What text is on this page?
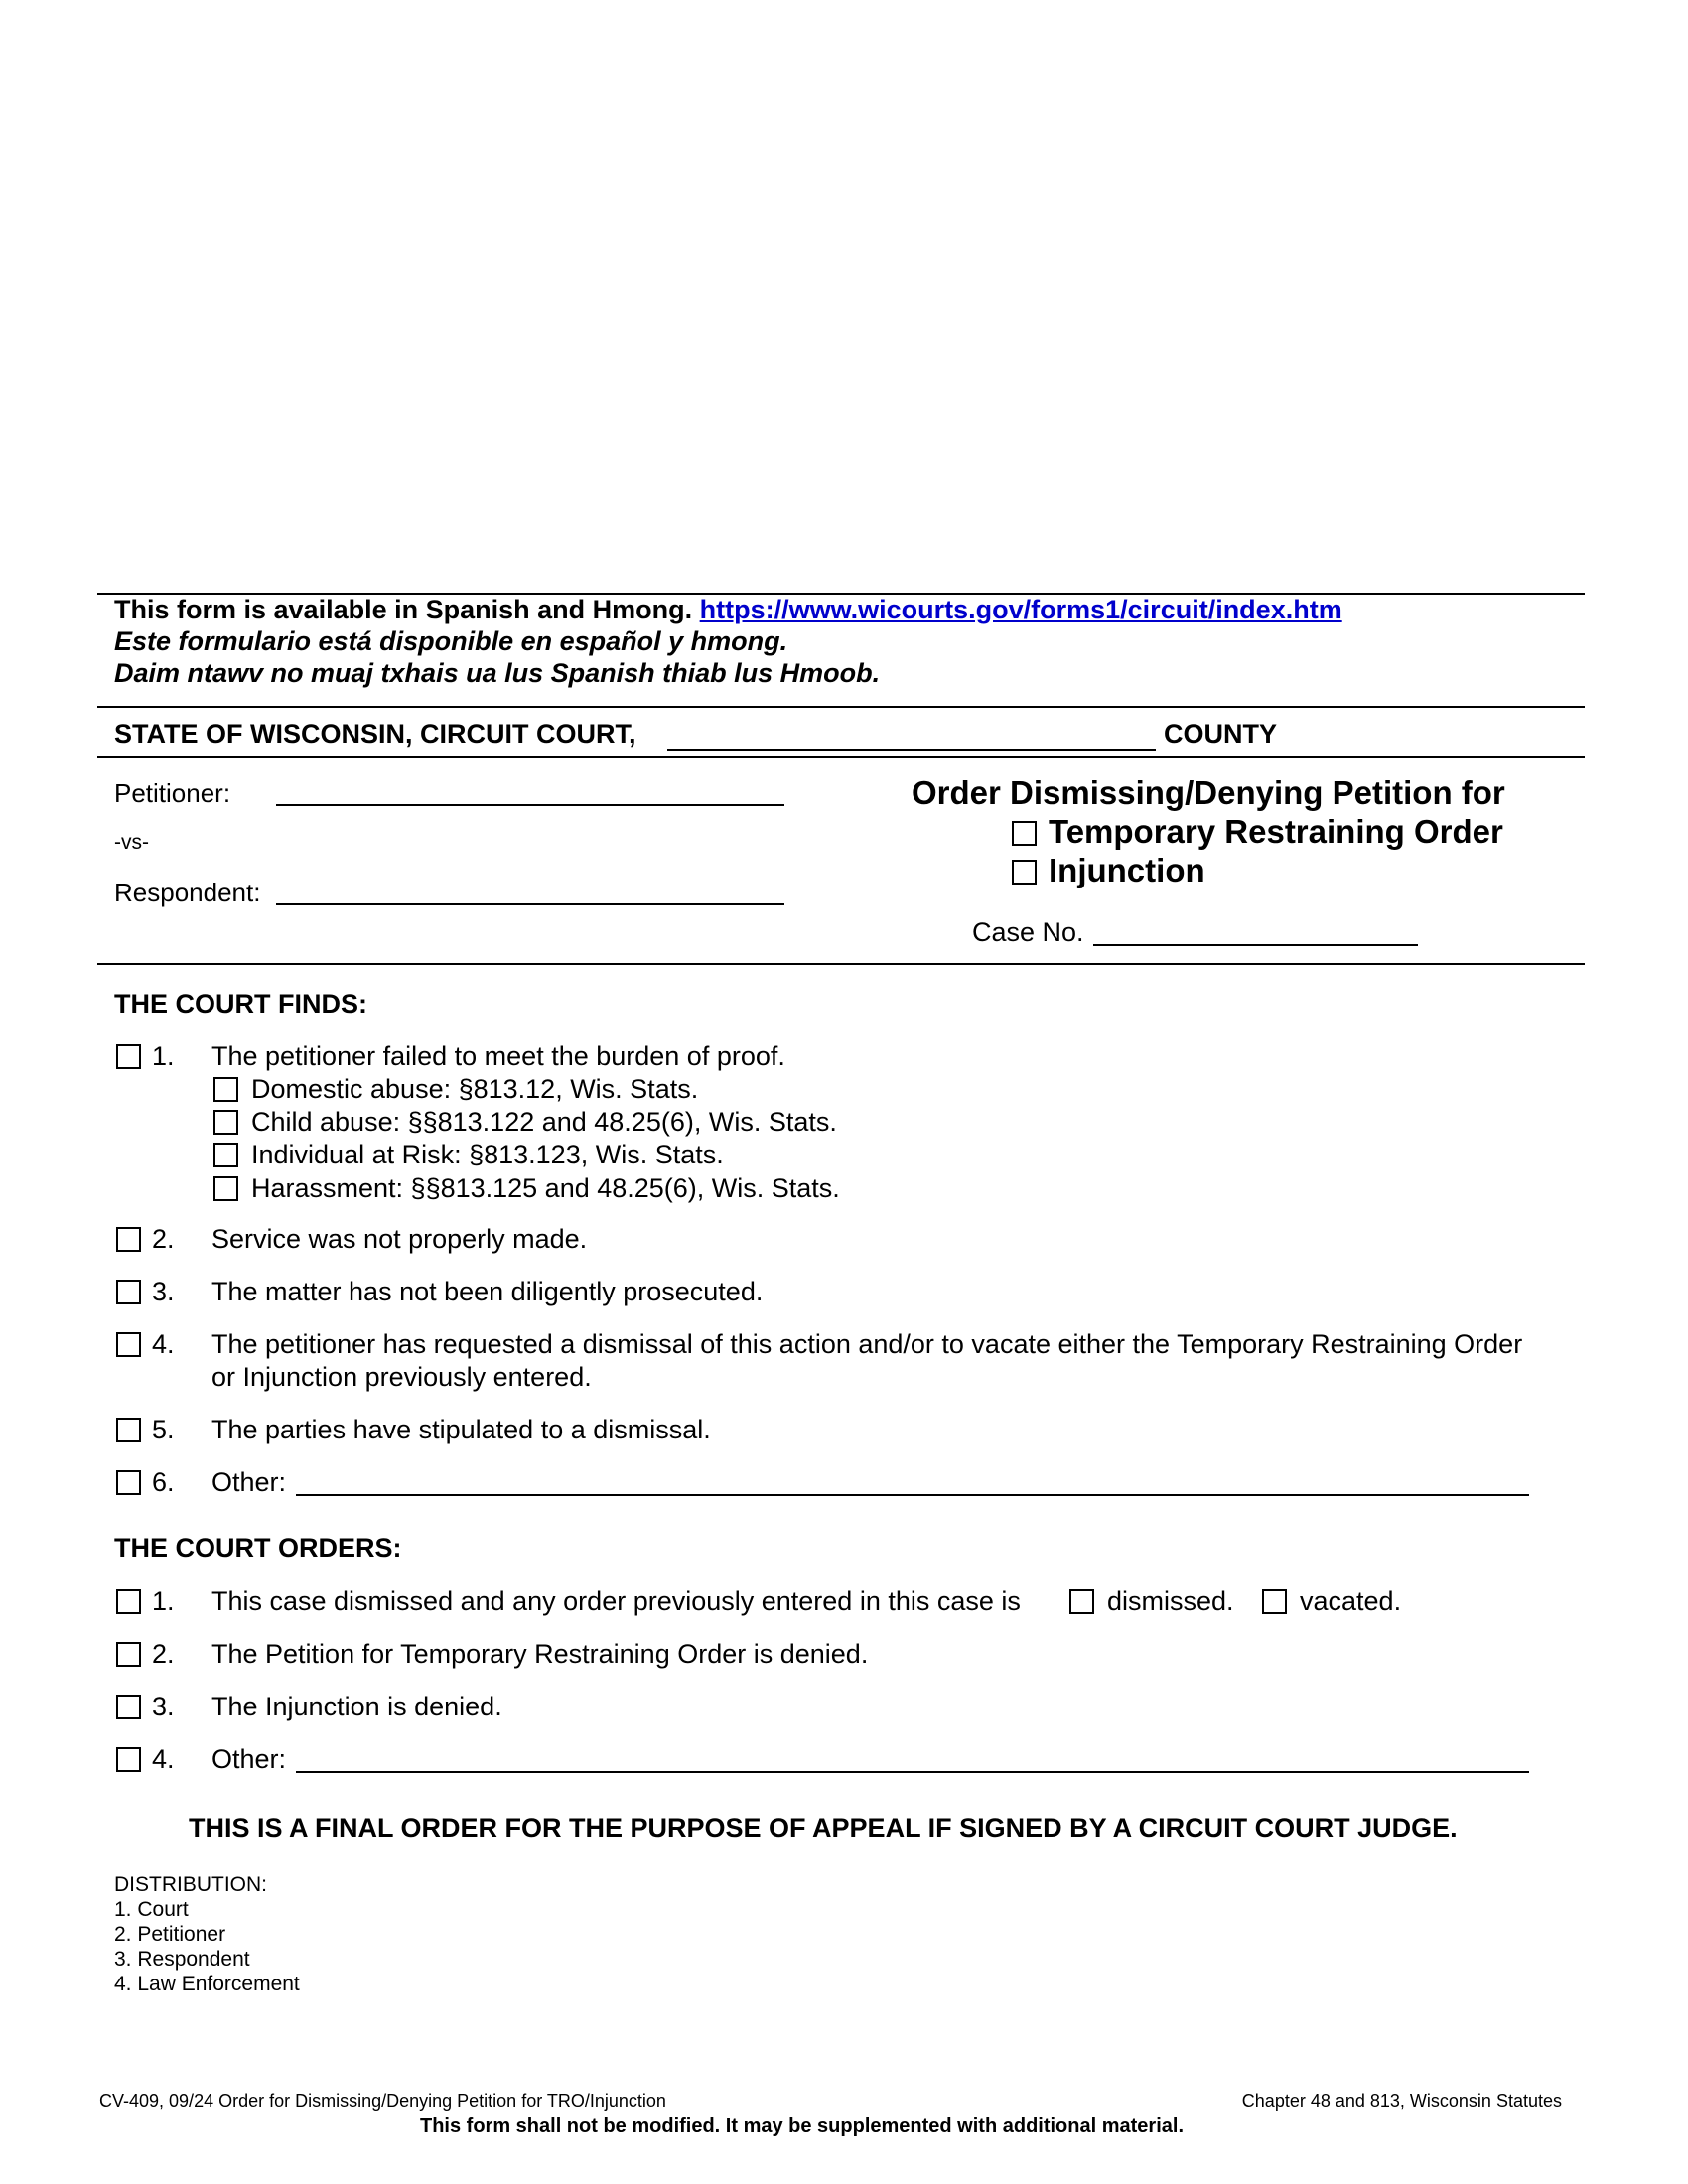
This form is available in Spanish and Hmong. https://www.wicourts.gov/forms1/circuit/index.htm
Este formulario está disponible en español y hmong.
Daim ntawv no muaj txhais ua lus Spanish thiab lus Hmoob.
STATE OF WISCONSIN, CIRCUIT COURT,	COUNTY
Petitioner:
-vs-
Respondent:
Order Dismissing/Denying Petition for
Temporary Restraining Order
Injunction
Case No.
THE COURT FINDS:
1. The petitioner failed to meet the burden of proof.
Domestic abuse: §813.12, Wis. Stats.
Child abuse: §§813.122 and 48.25(6), Wis. Stats.
Individual at Risk: §813.123, Wis. Stats.
Harassment: §§813.125 and 48.25(6), Wis. Stats.
2. Service was not properly made.
3. The matter has not been diligently prosecuted.
4. The petitioner has requested a dismissal of this action and/or to vacate either the Temporary Restraining Order
or Injunction previously entered.
5. The parties have stipulated to a dismissal.
6. Other:
THE COURT ORDERS:
1. This case dismissed and any order previously entered in this case is	dismissed. vacated.
2. The Petition for Temporary Restraining Order is denied.
3. The Injunction is denied.
4. Other:
THIS IS A FINAL ORDER FOR THE PURPOSE OF APPEAL IF SIGNED BY A CIRCUIT COURT JUDGE.
DISTRIBUTION:
1. Court
2. Petitioner
3. Respondent
4. Law Enforcement
CV-409, 09/24 Order for Dismissing/Denying Petition for TRO/Injunction	Chapter 48 and 813, Wisconsin Statutes
This form shall not be modified. It may be supplemented with additional material.
